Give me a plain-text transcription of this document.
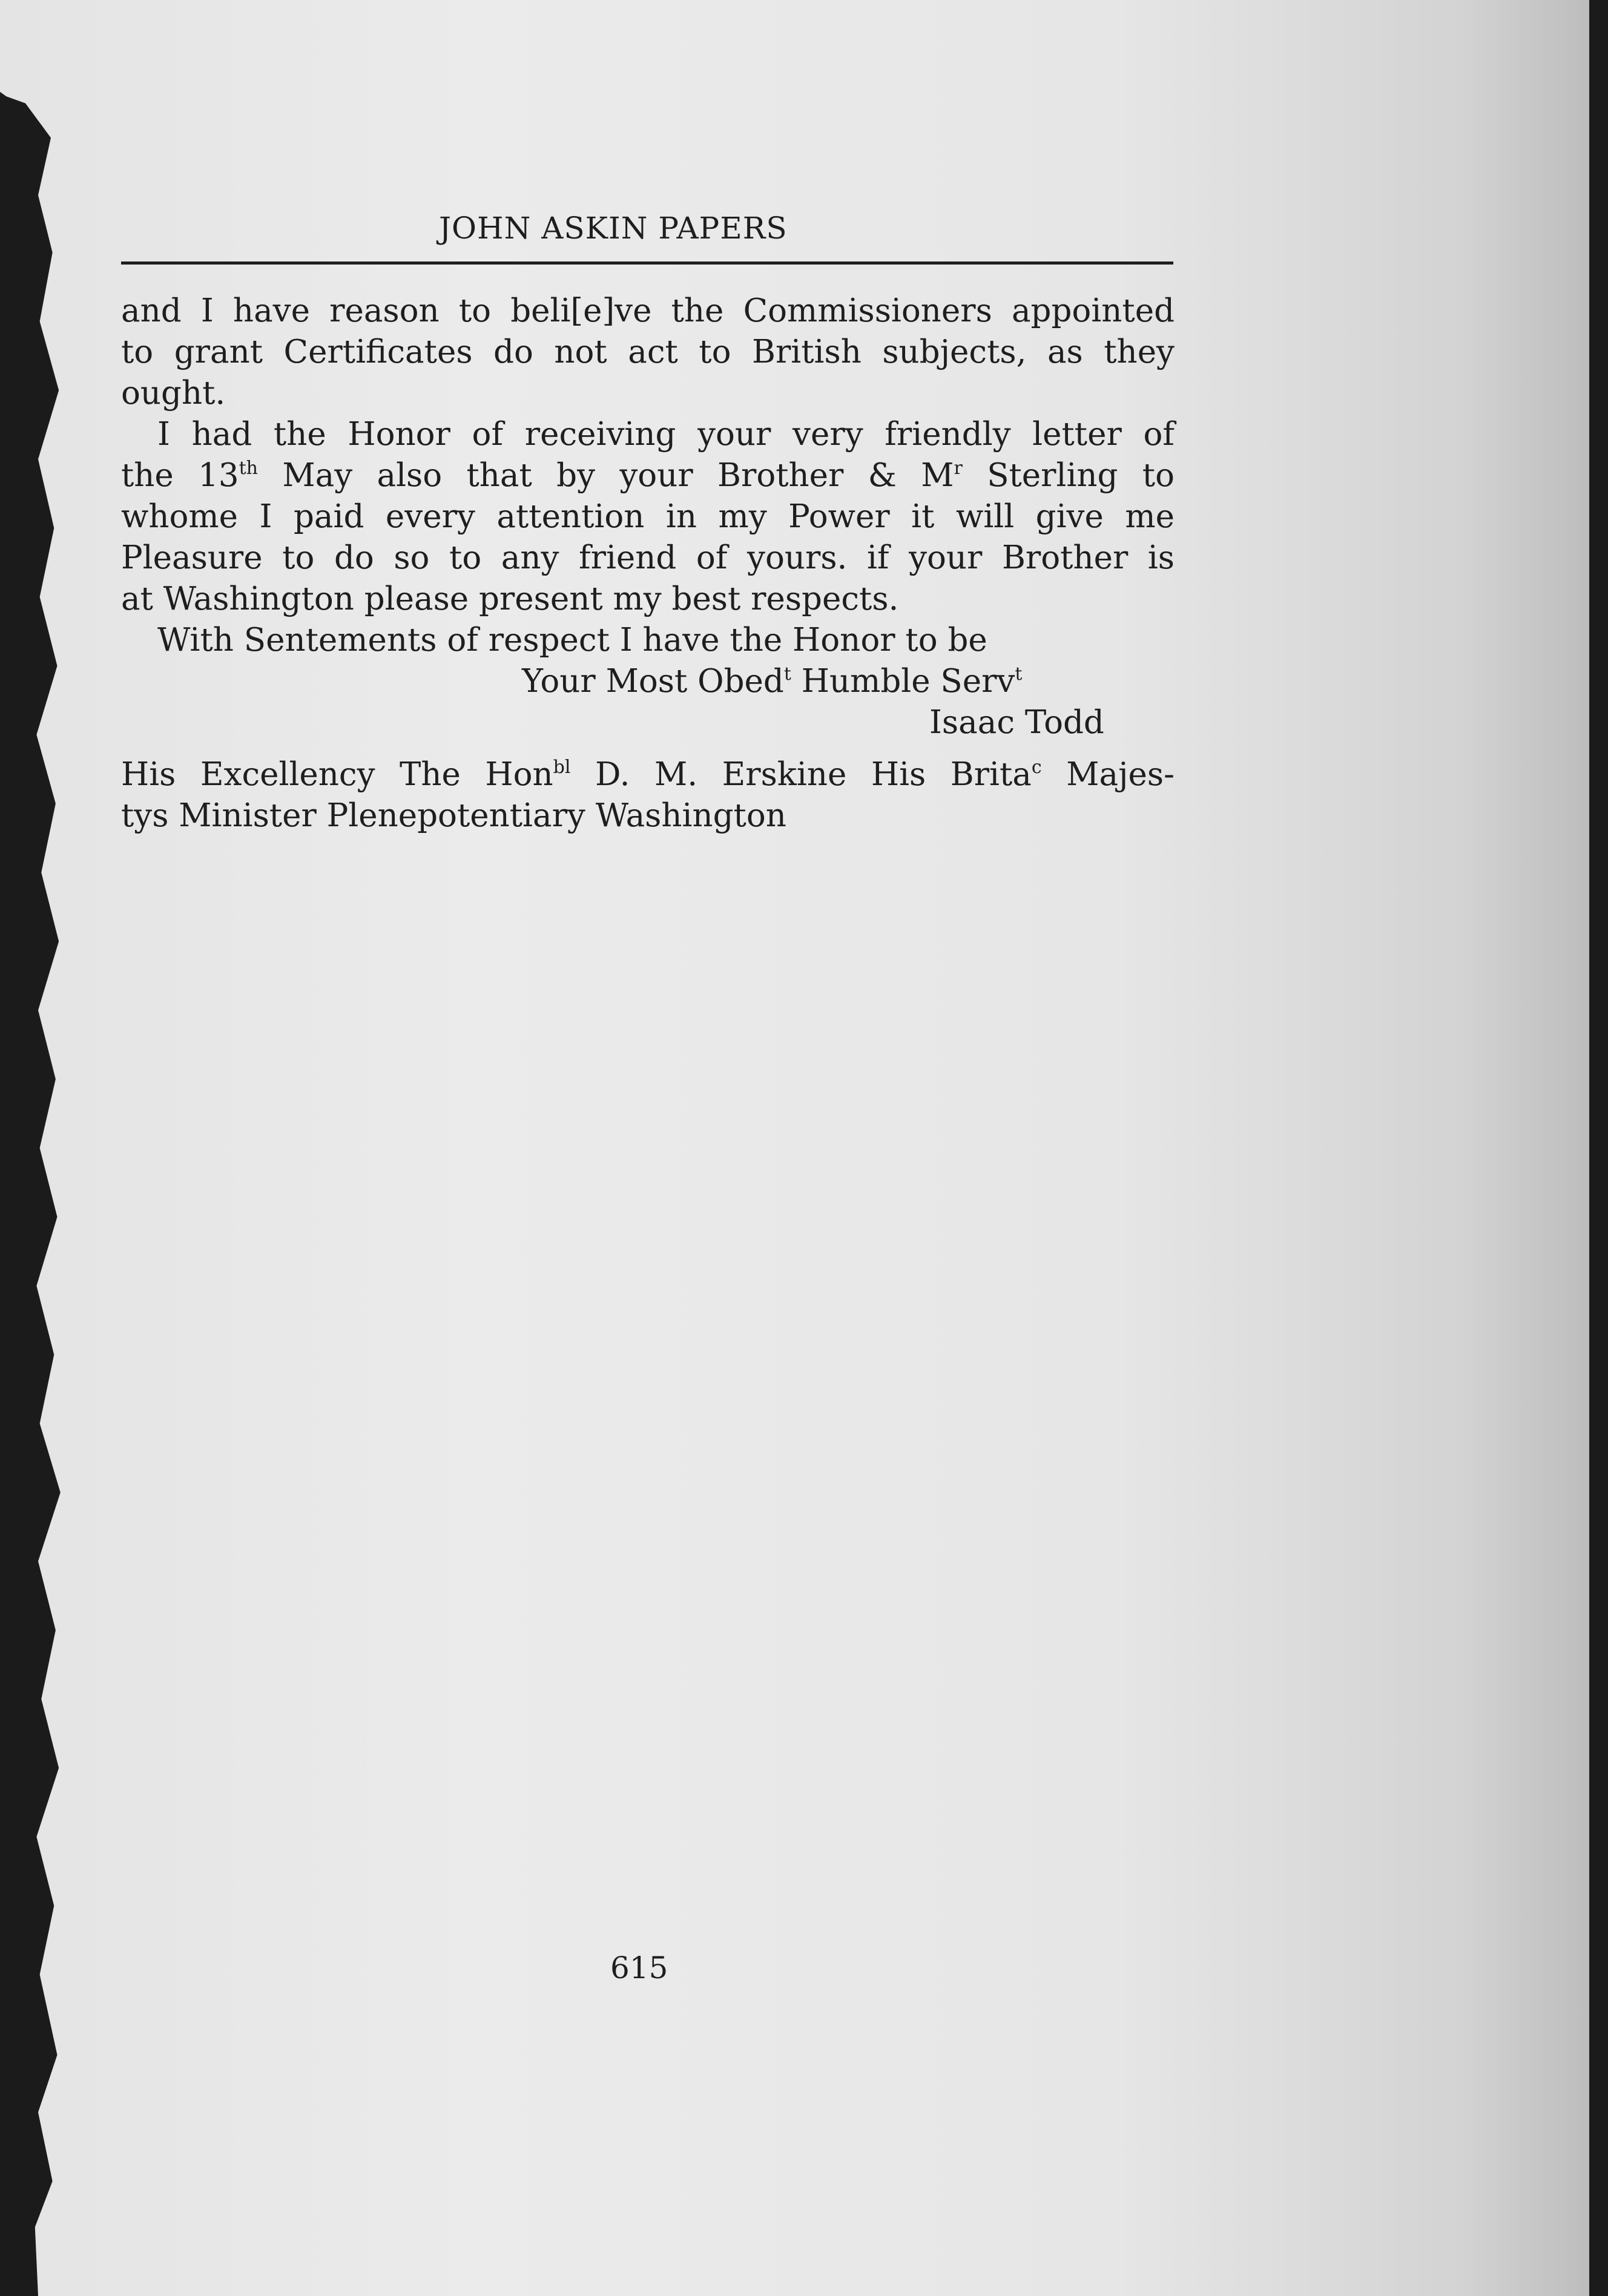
JOHN ASKIN PAPERS
and I have reason to beli[e]ve the Commissioners appointed
to grant Certificates do not act to British subjects, as they
ought.
I had the Honor of receiving your very friendly letter of
the 13th May also that by your Brother & $M^r$ Sterling to
whome I paid every attention in my Power it will give me
Pleasure to do so to any friend of yours. if your Brother is
at Washington please present my best respects.
With Sentements of respect I have the Honor to be
Your Most Obed$^t$ Humble Serv$^t$
Isaac Todd
His Excellency The Hon$^{bl}$ D. M. Erskine His Brita$^c$ Majes-
tys Minister Plenepotentiary Washington
615
